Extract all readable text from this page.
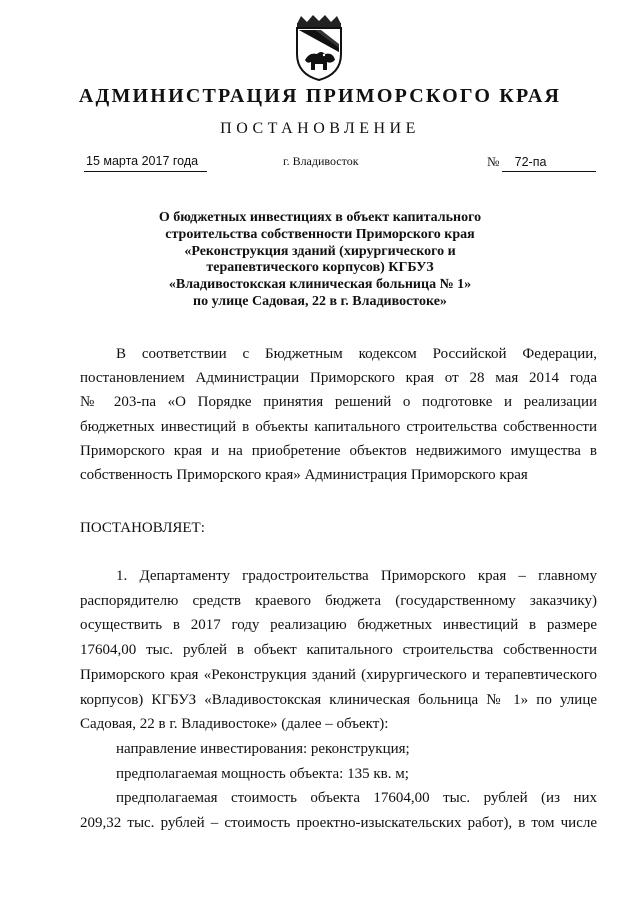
АДМИНИСТРАЦИЯ ПРИМОРСКОГО КРАЯ
ПОСТАНОВЛЕНИЕ
15 марта 2017 года	г. Владивосток	№ 72-па
О бюджетных инвестициях в объект капитального
строительства собственности Приморского края
«Реконструкция зданий (хирургического и
терапевтического корпусов) КГБУЗ
«Владивостокская клиническая больница № 1»
по улице Садовая, 22 в г. Владивостоке»
В соответствии с Бюджетным кодексом Российской Федерации,
постановлением Администрации Приморского края от 28 мая 2014 года
№ 203-па «О Порядке принятия решений о подготовке и реализации
бюджетных инвестиций в объекты капитального строительства собственности
Приморского края и на приобретение объектов недвижимого имущества в
собственность Приморского края» Администрация Приморского края
ПОСТАНОВЛЯЕТ:
1. Департаменту градостроительства Приморского края – главному
распорядителю средств краевого бюджета (государственному заказчику)
осуществить в 2017 году реализацию бюджетных инвестиций в размере
17604,00 тыс. рублей в объект капитального строительства собственности
Приморского края «Реконструкция зданий (хирургического и терапевтического
корпусов) КГБУЗ «Владивостокская клиническая больница № 1» по улице
Садовая, 22 в г. Владивостоке» (далее – объект):
направление инвестирования: реконструкция;
предполагаемая мощность объекта: 135 кв. м;
предполагаемая стоимость объекта 17604,00 тыс. рублей (из них
209,32 тыс. рублей – стоимость проектно-изыскательских работ), в том числе
